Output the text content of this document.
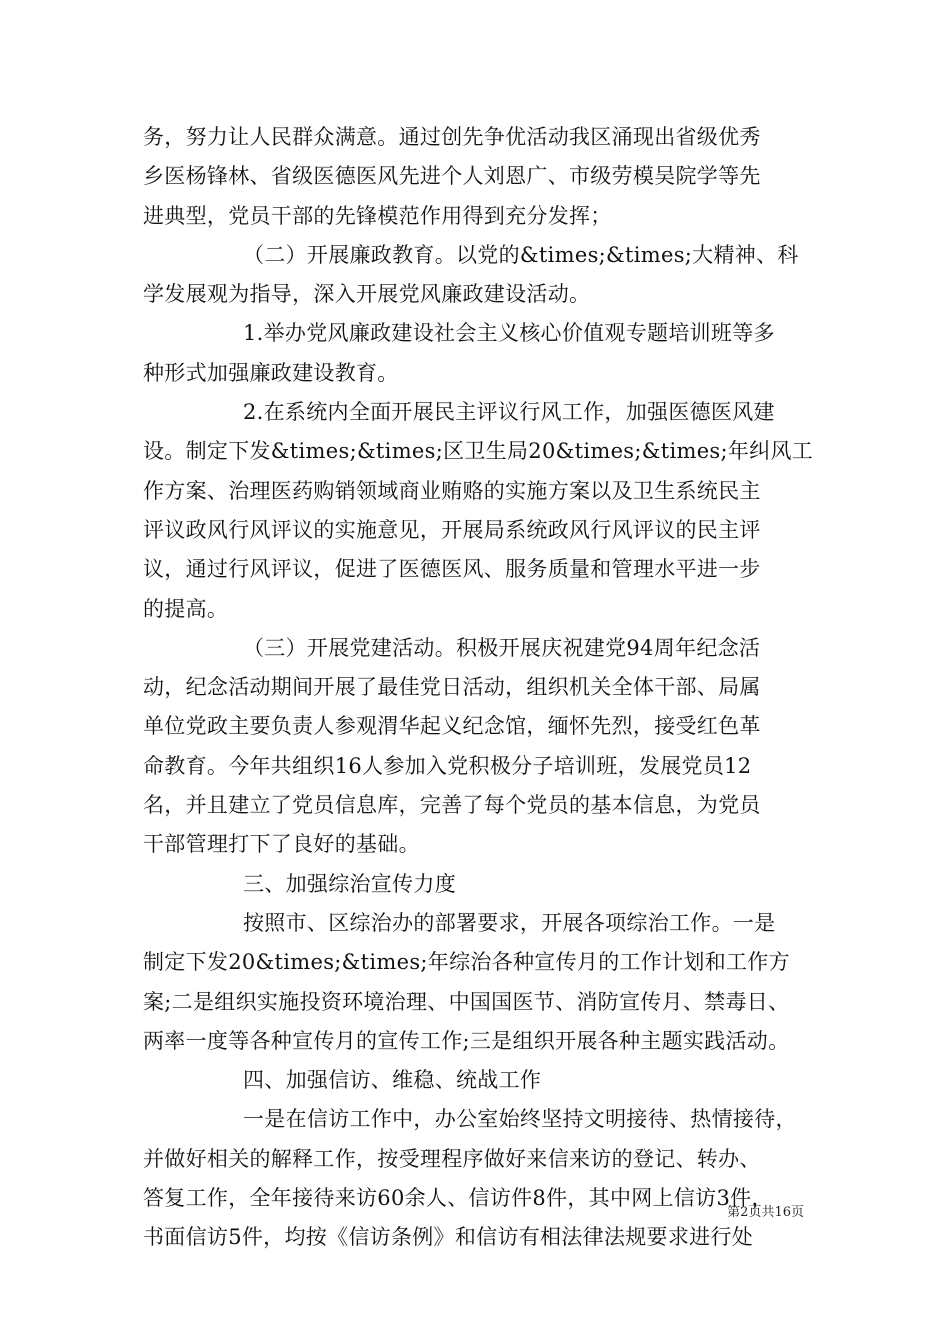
务，努力让人民群众满意。通过创先争优活动我区涌现出省级优秀
乡医杨锋林、省级医德医风先进个人刘恩广、市级劳模吴院学等先
进典型，党员干部的先锋模范作用得到充分发挥；
（二）开展廉政教育。以党的&times;&times;大精神、科
学发展观为指导，深入开展党风廉政建设活动。
1.举办党风廉政建设社会主义核心价值观专题培训班等多
种形式加强廉政建设教育。
2.在系统内全面开展民主评议行风工作，加强医德医风建
设。制定下发&times;&times;区卫生局20&times;&times;年纠风工
作方案、治理医药购销领域商业贿赂的实施方案以及卫生系统民主
评议政风行风评议的实施意见，开展局系统政风行风评议的民主评
议，通过行风评议，促进了医德医风、服务质量和管理水平进一步
的提高。
（三）开展党建活动。积极开展庆祝建党94周年纪念活
动，纪念活动期间开展了最佳党日活动，组织机关全体干部、局属
单位党政主要负责人参观渭华起义纪念馆，缅怀先烈，接受红色革
命教育。今年共组织16人参加入党积极分子培训班，发展党员12
名，并且建立了党员信息库，完善了每个党员的基本信息，为党员
干部管理打下了良好的基础。
三、加强综治宣传力度
按照市、区综治办的部署要求，开展各项综治工作。一是
制定下发20&times;&times;年综治各种宣传月的工作计划和工作方
案;二是组织实施投资环境治理、中国国医节、消防宣传月、禁毒日、
两率一度等各种宣传月的宣传工作;三是组织开展各种主题实践活动。
四、加强信访、维稳、统战工作
一是在信访工作中，办公室始终坚持文明接待、热情接待，
并做好相关的解释工作，按受理程序做好来信来访的登记、转办、
答复工作，全年接待来访60余人、信访件8件，其中网上信访3件，
书面信访5件，均按《信访条例》和信访有相法律法规要求进行处
第2页共16页
